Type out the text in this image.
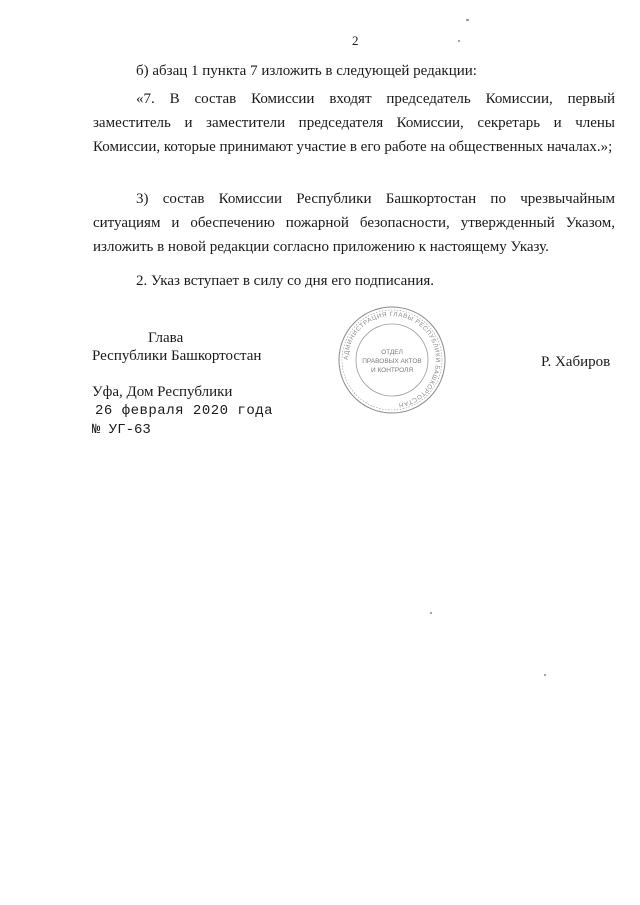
2

б) абзац 1 пункта 7 изложить в следующей редакции:

«7. В состав Комиссии входят председатель Комиссии, первый заместитель и заместители председателя Комиссии, секретарь и члены Комиссии, которые принимают участие в его работе на общественных началах.»;

3) состав Комиссии Республики Башкортостан по чрезвычайным ситуациям и обеспечению пожарной безопасности, утвержденный Указом, изложить в новой редакции согласно приложению к настоящему Указу.

2. Указ вступает в силу со дня его подписания.

Глава
Республики Башкортостан	Р. Хабиров
Уфа, Дом Республики
26 февраля 2020 года
№ УГ-63
АДМИНИСТРАЦИЯ ГЛАВЫ РЕСПУБЛИКИ БАШКОРТОСТАН
ОТДЕЛ
ПРАВОВЫХ АКТОВ
И КОНТРОЛЯ
